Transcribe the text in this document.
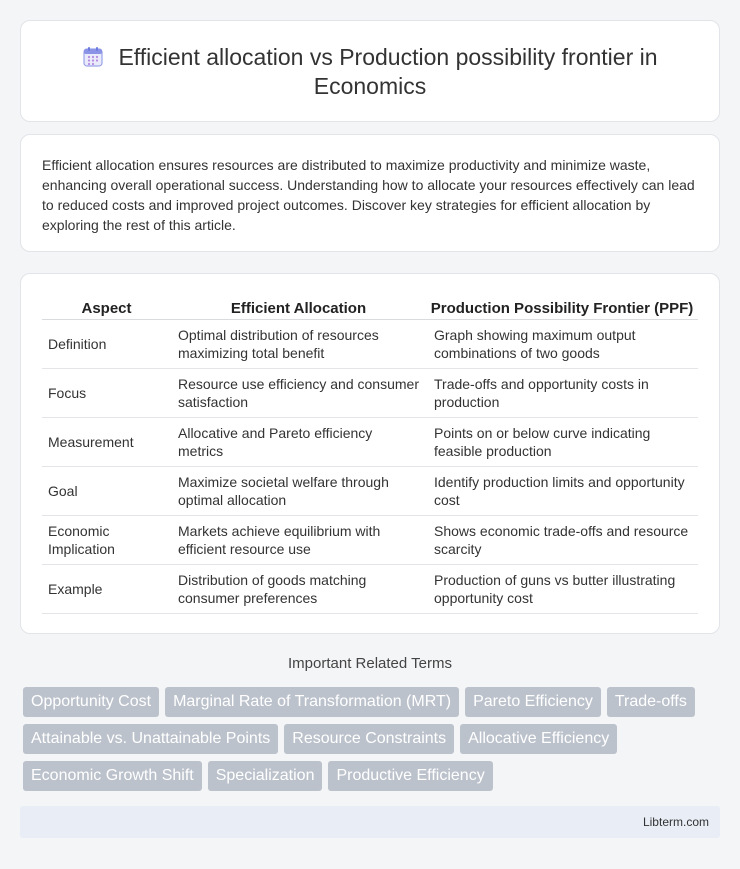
Efficient allocation vs Production possibility frontier in Economics

Efficient allocation ensures resources are distributed to maximize productivity and minimize waste, enhancing overall operational success. Understanding how to allocate your resources effectively can lead to reduced costs and improved project outcomes. Discover key strategies for efficient allocation by exploring the rest of this article.

Aspect	Efficient Allocation	Production Possibility Frontier (PPF)
Definition	Optimal distribution of resources maximizing total benefit	Graph showing maximum output combinations of two goods
Focus	Resource use efficiency and consumer satisfaction	Trade-offs and opportunity costs in production
Measurement	Allocative and Pareto efficiency metrics	Points on or below curve indicating feasible production
Goal	Maximize societal welfare through optimal allocation	Identify production limits and opportunity cost
Economic Implication	Markets achieve equilibrium with efficient resource use	Shows economic trade-offs and resource scarcity
Example	Distribution of goods matching consumer preferences	Production of guns vs butter illustrating opportunity cost
Important Related Terms
Opportunity Cost Marginal Rate of Transformation (MRT) Pareto Efficiency Trade-offs
Attainable vs. Unattainable Points Resource Constraints Allocative Efficiency
Economic Growth Shift Specialization Productive Efficiency
Libterm.com
